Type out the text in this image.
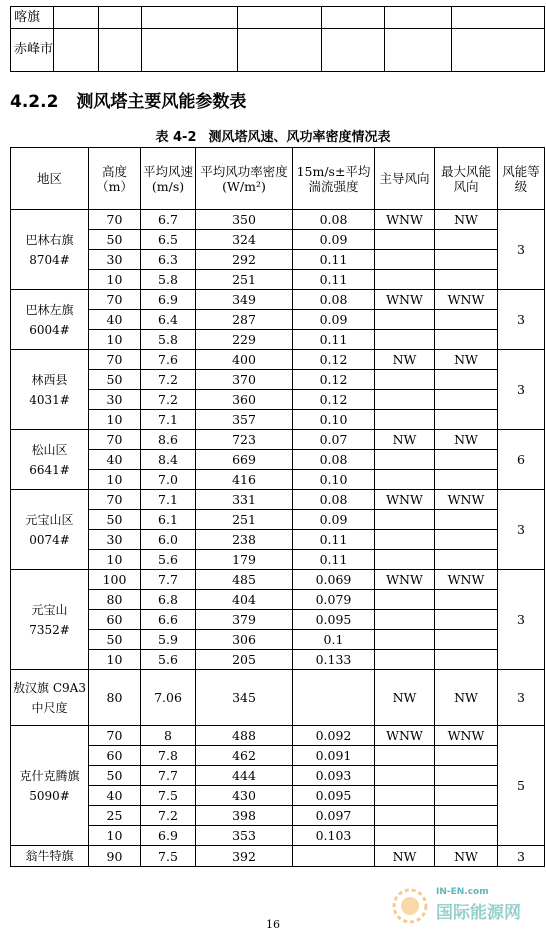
喀旗							
赤峰市							
4.2.2 测风塔主要风能参数表
表 4-2 测风塔风速、风功率密度情况表
地区	高度（m）	平均风速(m/s)	平均风功率密度(W/m²)	15m/s±平均湍流强度	主导风向	最大风能风向	风能等级
巴林右旗 8704#	70	6.7	350	0.08	WNW	NW	3
	50	6.5	324	0.09			
	30	6.3	292	0.11			
	10	5.8	251	0.11			
巴林左旗 6004#	70	6.9	349	0.08	WNW	WNW	3
	40	6.4	287	0.09			
	10	5.8	229	0.11			
林西县 4031#	70	7.6	400	0.12	NW	NW	3
	50	7.2	370	0.12			
	30	7.2	360	0.12			
	10	7.1	357	0.10			
松山区 6641#	70	8.6	723	0.07	NW	NW	6
	40	8.4	669	0.08			
	10	7.0	416	0.10			
元宝山区 0074#	70	7.1	331	0.08	WNW	WNW	3
	50	6.1	251	0.09			
	30	6.0	238	0.11			
	10	5.6	179	0.11			
元宝山 7352#	100	7.7	485	0.069	WNW	WNW	3
	80	6.8	404	0.079			
	60	6.6	379	0.095			
	50	5.9	306	0.1			
	10	5.6	205	0.133			
敖汉旗 C9A3 中尺度	80	7.06	345		NW	NW	3
克什克腾旗 5090#	70	8	488	0.092	WNW	WNW	5
	60	7.8	462	0.091			
	50	7.7	444	0.093			
	40	7.5	430	0.095			
	25	7.2	398	0.097			
	10	6.9	353	0.103			
翁牛特旗	90	7.5	392		NW	NW	3
16
IN-EN.com
国际能源网
